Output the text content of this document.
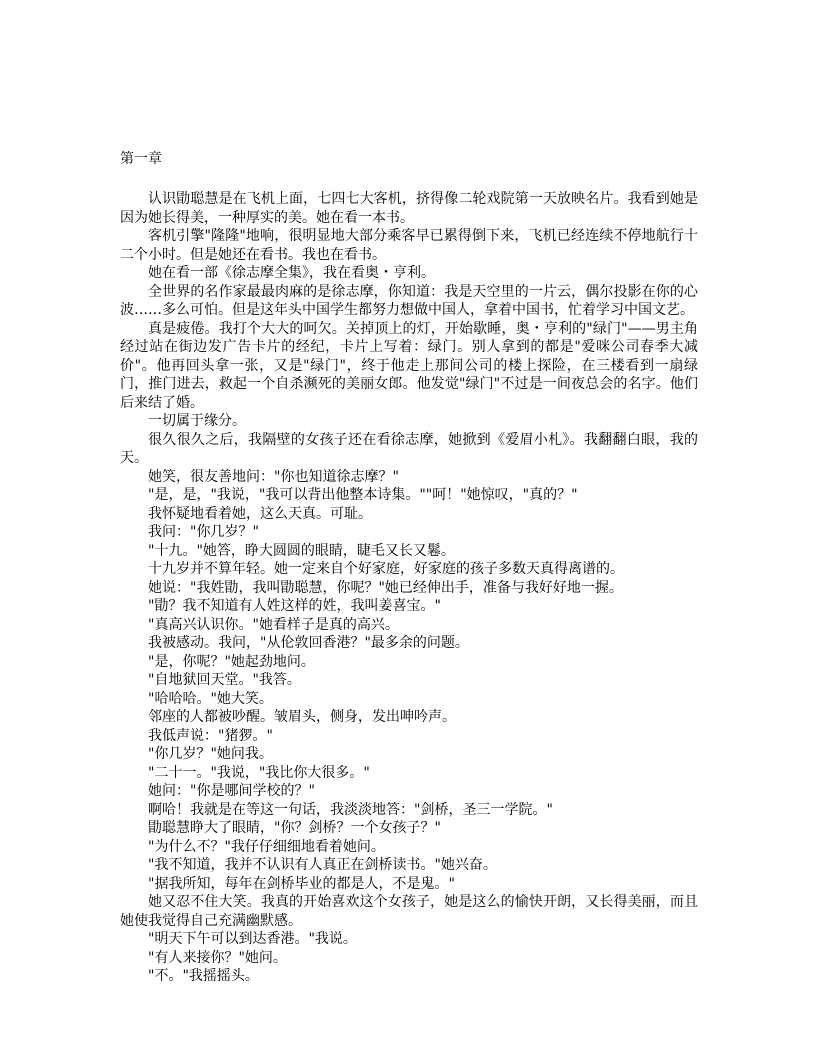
第一章

认识勖聪慧是在飞机上面，七四七大客机，挤得像二轮戏院第一天放映名片。我看到她是因为她长得美，一种厚实的美。她在看一本书。

客机引擎"隆隆"地响，很明显地大部分乘客早已累得倒下来，飞机已经连续不停地航行十二个小时。但是她还在看书。我也在看书。

她在看一部《徐志摩全集》，我在看奥・亨利。

全世界的名作家最最肉麻的是徐志摩，你知道：我是天空里的一片云，偶尔投影在你的心波……多么可怕。但是这年头中国学生都努力想做中国人，拿着中国书，忙着学习中国文艺。

真是疲倦。我打个大大的呵欠。关掉顶上的灯，开始歇睡，奥・亨利的"绿门"——男主角经过站在街边发广告卡片的经纪，卡片上写着：绿门。别人拿到的都是"爱咪公司春季大减价"。他再回头拿一张，又是"绿门"，终于他走上那间公司的楼上探险，在三楼看到一扇绿门，推门进去，救起一个自杀濒死的美丽女郎。他发觉"绿门"不过是一间夜总会的名字。他们后来结了婚。

一切属于缘分。

很久很久之后，我隔壁的女孩子还在看徐志摩，她掀到《爱眉小札》。我翻翻白眼，我的天。

她笑，很友善地问："你也知道徐志摩？"

"是，是，"我说，"我可以背出他整本诗集。""呵！"她惊叹，"真的？"

我怀疑地看着她，这么天真。可耻。

我问："你几岁？"

"十九。"她答，睁大圆圆的眼睛，睫毛又长又鬈。

十九岁并不算年轻。她一定来自个好家庭，好家庭的孩子多数天真得离谱的。

她说："我姓勖，我叫勖聪慧，你呢？"她已经伸出手，准备与我好好地一握。

"勖？我不知道有人姓这样的姓，我叫姜喜宝。"

"真高兴认识你。"她看样子是真的高兴。

我被感动。我问，"从伦敦回香港？"最多余的问题。

"是，你呢？"她起劲地问。

"自地狱回天堂。"我答。

"哈哈哈。"她大笑。

邻座的人都被吵醒。皱眉头，侧身，发出呻吟声。

我低声说："猪猡。"

"你几岁？"她问我。

"二十一。"我说，"我比你大很多。"

她问："你是哪间学校的？"

啊哈！我就是在等这一句话，我淡淡地答："剑桥，圣三一学院。"

勖聪慧睁大了眼睛，"你？剑桥？一个女孩子？"

"为什么不？"我仔仔细细地看着她问。

"我不知道，我并不认识有人真正在剑桥读书。"她兴奋。

"据我所知，每年在剑桥毕业的都是人，不是鬼。"

她又忍不住大笑。我真的开始喜欢这个女孩子，她是这么的愉快开朗，又长得美丽，而且她使我觉得自己充满幽默感。

"明天下午可以到达香港。"我说。

"有人来接你？"她问。

"不。"我摇摇头。
